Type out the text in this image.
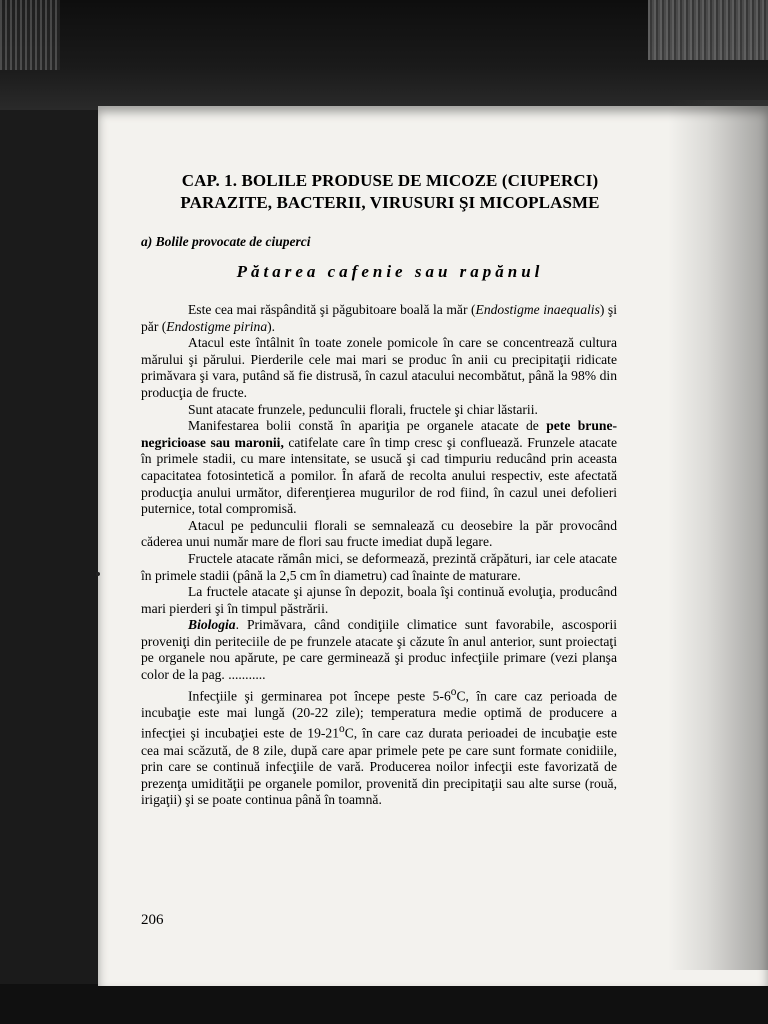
CAP. 1. BOLILE PRODUSE DE MICOZE (CIUPERCI)
PARAZITE, BACTERII, VIRUSURI ŞI MICOPLASME

a) Bolile provocate de ciuperci

Pătarea cafenie sau rapănul

Este cea mai răspândită şi păgubitoare boală la măr (Endostigme inaequalis) şi păr (Endostigme pirina).

Atacul este întâlnit în toate zonele pomicole în care se concentrează cultura mărului şi părului. Pierderile cele mai mari se produc în anii cu precipitaţii ridicate primăvara şi vara, putând să fie distrusă, în cazul atacului necombătut, până la 98% din producţia de fructe.

Sunt atacate frunzele, pedunculii florali, fructele şi chiar lăstarii.

Manifestarea bolii constă în apariţia pe organele atacate de pete brune-negricioase sau maronii, catifelate care în timp cresc şi confluează. Frunzele atacate în primele stadii, cu mare intensitate, se usucă şi cad timpuriu reducând prin aceasta capacitatea fotosintetică a pomilor. În afară de recolta anului respectiv, este afectată producţia anului următor, diferenţierea mugurilor de rod fiind, în cazul unei defolieri puternice, total compromisă.

Atacul pe pedunculii florali se semnalează cu deosebire la păr provocând căderea unui număr mare de flori sau fructe imediat după legare.

Fructele atacate rămân mici, se deformează, prezintă crăpături, iar cele atacate în primele stadii (până la 2,5 cm în diametru) cad înainte de maturare.

La fructele atacate şi ajunse în depozit, boala îşi continuă evoluţia, producând mari pierderi şi în timpul păstrării.

Biologia. Primăvara, când condiţiile climatice sunt favorabile, ascosporii proveniţi din periteciile de pe frunzele atacate şi căzute în anul anterior, sunt proiectaţi pe organele nou apărute, pe care germinează şi produc infecţiile primare (vezi planşa color de la pag. ...........

Infecţiile şi germinarea pot începe peste 5-6$^o$C, în care caz perioada de incubaţie este mai lungă (20-22 zile); temperatura medie optimă de producere a infecţiei şi incubaţiei este de 19-21$^o$C, în care caz durata perioadei de incubaţie este cea mai scăzută, de 8 zile, după care apar primele pete pe care sunt formate conidiile, prin care se continuă infecţiile de vară. Producerea noilor infecţii este favorizată de prezenţa umidităţii pe organele pomilor, provenită din precipitaţii sau alte surse (rouă, irigaţii) şi se poate continua până în toamnă.

206
